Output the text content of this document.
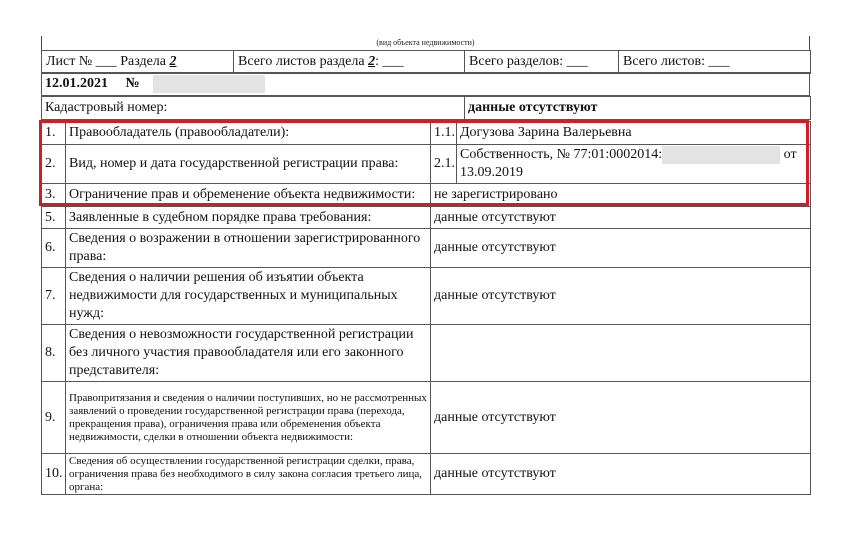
(вид объекта недвижимости)
Лист № ___ Раздела 2	Всего листов раздела 2: ___	Всего разделов: ___	Всего листов: ___
12.01.2021 №
Кадастровый номер:	данные отсутствуют
1.	Правообладатель (правообладатели):	1.1.	Догузова Зарина Валерьевна
2.	Вид, номер и дата государственной регистрации права:	2.1.	Собственность, № 77:01:0002014: от
13.09.2019
3.	Ограничение прав и обременение объекта недвижимости:	не зарегистрировано	
5.	Заявленные в судебном порядке права требования:	данные отсутствуют	
6.	Сведения о возражении в отношении зарегистрированного права:	данные отсутствуют	
7.	Сведения о наличии решения об изъятии объекта недвижимости для государственных и муниципальных нужд:	данные отсутствуют	
8.	Сведения о невозможности государственной регистрации без личного участия правообладателя или его законного представителя:		
9.	Правопритязания и сведения о наличии поступивших, но не рассмотренных заявлений о проведении государственной регистрации права (перехода, прекращения права), ограничения права или обременения объекта недвижимости, сделки в отношении объекта недвижимости:	данные отсутствуют	
10.	Сведения об осуществлении государственной регистрации сделки, права, ограничения права без необходимого в силу закона согласия третьего лица, органа:	данные отсутствуют	
